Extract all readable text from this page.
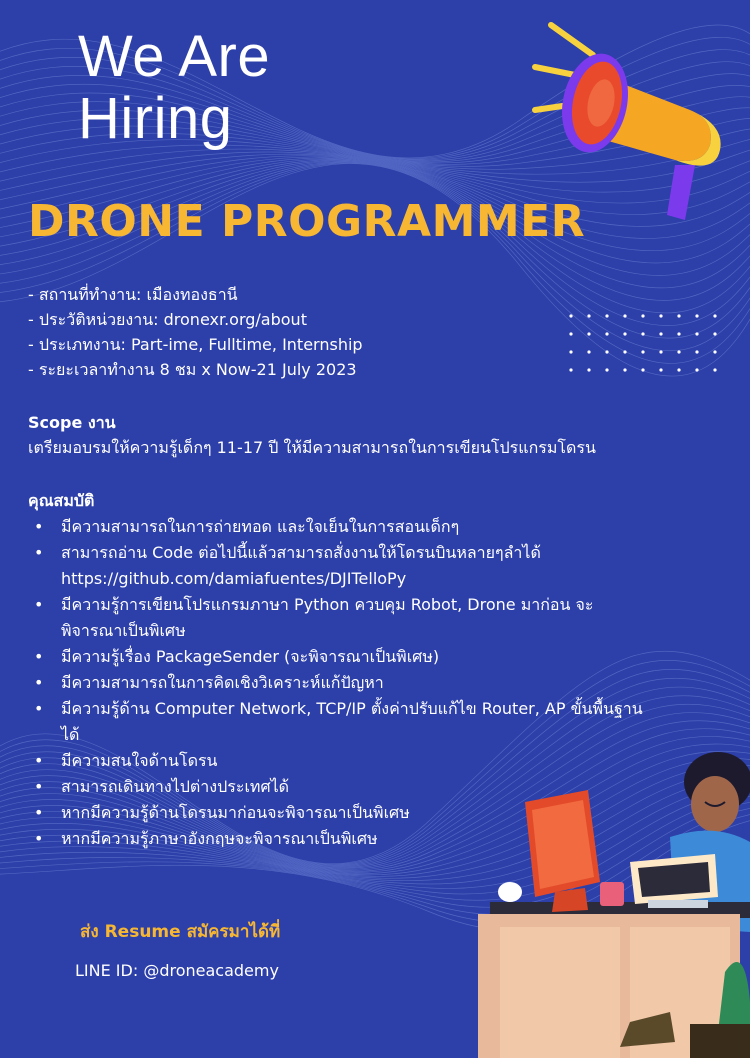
We Are
Hiring
DRONE PROGRAMMER
- สถานที่ทำงาน: เมืองทองธานี
- ประวัติหน่วยงาน: dronexr.org/about
- ประเภทงาน: Part-ime, Fulltime, Internship
- ระยะเวลาทำงาน 8 ชม x Now-21 July 2023
Scope งาน
เตรียมอบรมให้ความรู้เด็กๆ 11-17 ปี ให้มีความสามารถในการเขียนโปรแกรมโดรน
คุณสมบัติ
• มีความสามารถในการถ่ายทอด และใจเย็นในการสอนเด็กๆ
• สามารถอ่าน Code ต่อไปนี้แล้วสามารถสั่งงานให้โดรนบินหลายๆลำได้ https://github.com/damiafuentes/DJITelloPy
• มีความรู้การเขียนโปรแกรมภาษา Python ควบคุม Robot, Drone มาก่อน จะพิจารณาเป็นพิเศษ
• มีความรู้เรื่อง PackageSender (จะพิจารณาเป็นพิเศษ)
• มีความสามารถในการคิดเชิงวิเคราะห์แก้ปัญหา
• มีความรู้ด้าน Computer Network, TCP/IP ตั้งค่าปรับแก้ไข Router, AP ขั้นพื้นฐานได้
• มีความสนใจด้านโดรน
• สามารถเดินทางไปต่างประเทศได้
• หากมีความรู้ด้านโดรนมาก่อนจะพิจารณาเป็นพิเศษ
• หากมีความรู้ภาษาอังกฤษจะพิจารณาเป็นพิเศษ
ส่ง Resume สมัครมาได้ที่
LINE ID: @droneacademy
